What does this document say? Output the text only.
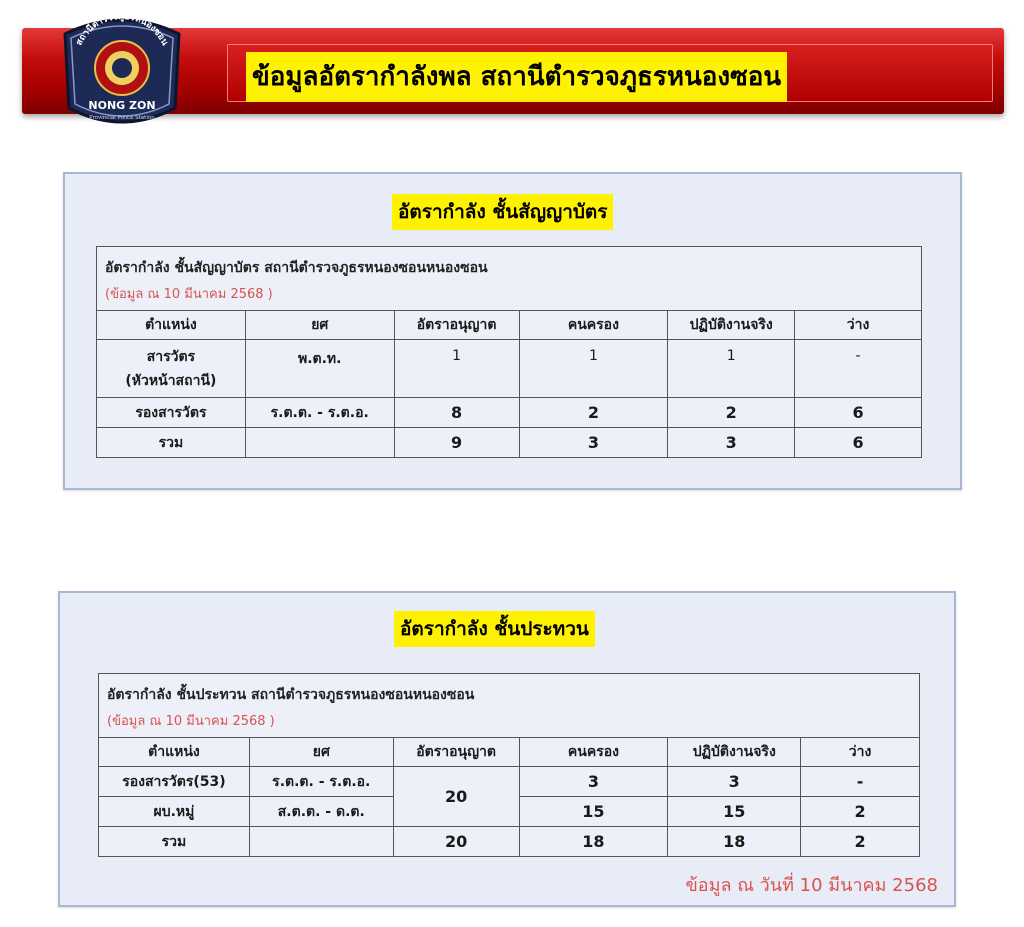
ข้อมูลอัตรากำลังพล สถานีตำรวจภูธรหนองซอน
สถานีตำรวจภูธรหนองซอน
NONG ZON
Provincial Police Station
อัตรากำลัง ชั้นสัญญาบัตร
อัตรากำลัง ชั้นสัญญาบัตร สถานีตำรวจภูธรหนองซอนหนองซอน
(ข้อมูล ณ 10 มีนาคม 2568 )					

ตำแหน่ง	ยศ	อัตราอนุญาต	คนครอง	ปฏิบัติงานจริง	ว่าง
สารวัตร
(หัวหน้าสถานี)	พ.ต.ท.	1	1	1	-
รองสารวัตร	ร.ต.ต. - ร.ต.อ.	8	2	2	6
รวม		9	3	3	6
อัตรากำลัง ชั้นประทวน
อัตรากำลัง ชั้นประทวน สถานีตำรวจภูธรหนองซอนหนองซอน
(ข้อมูล ณ 10 มีนาคม 2568 )					

ตำแหน่ง	ยศ	อัตราอนุญาต	คนครอง	ปฏิบัติงานจริง	ว่าง
รองสารวัตร(53)	ร.ต.ต. - ร.ต.อ.	20	3	3	-
ผบ.หมู่	ส.ต.ต. - ด.ต.		15	15	2
รวม		20	18	18	2
ข้อมูล ณ วันที่ 10 มีนาคม 2568
